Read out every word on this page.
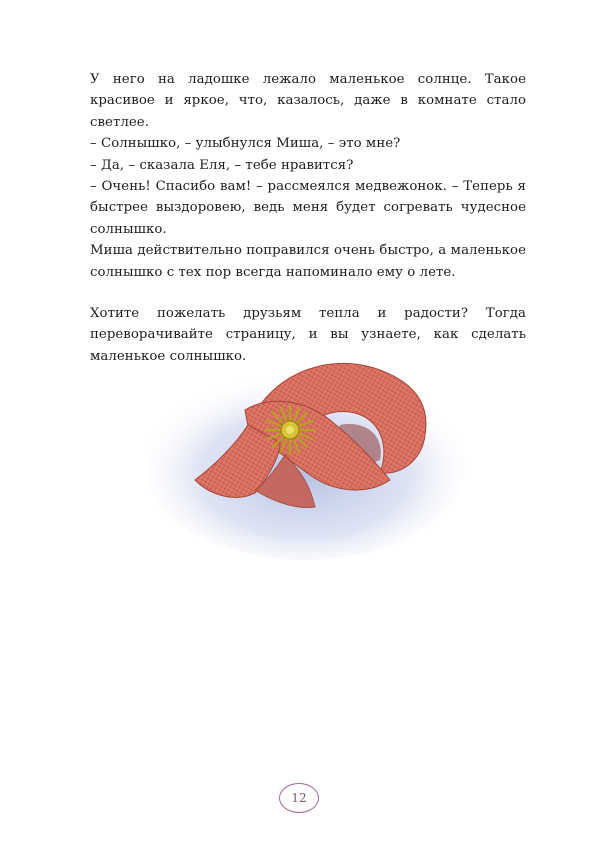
У него на ладошке лежало маленькое солнце. Такое красивое и яркое, что, казалось, даже в комнате стало светлее.

– Солнышко, – улыбнулся Миша, – это мне?

– Да, – сказала Еля, – тебе нравится?

– Очень! Спасибо вам! – рассмеялся медвежонок. – Теперь я быстрее выздоровею, ведь меня будет согревать чудесное солнышко.

Миша действительно поправился очень быстро, а маленькое солнышко с тех пор всегда напоминало ему о лете.

Хотите пожелать друзьям тепла и радости? Тогда переворачивайте страницу, и вы узнаете, как сделать маленькое солнышко.

12
